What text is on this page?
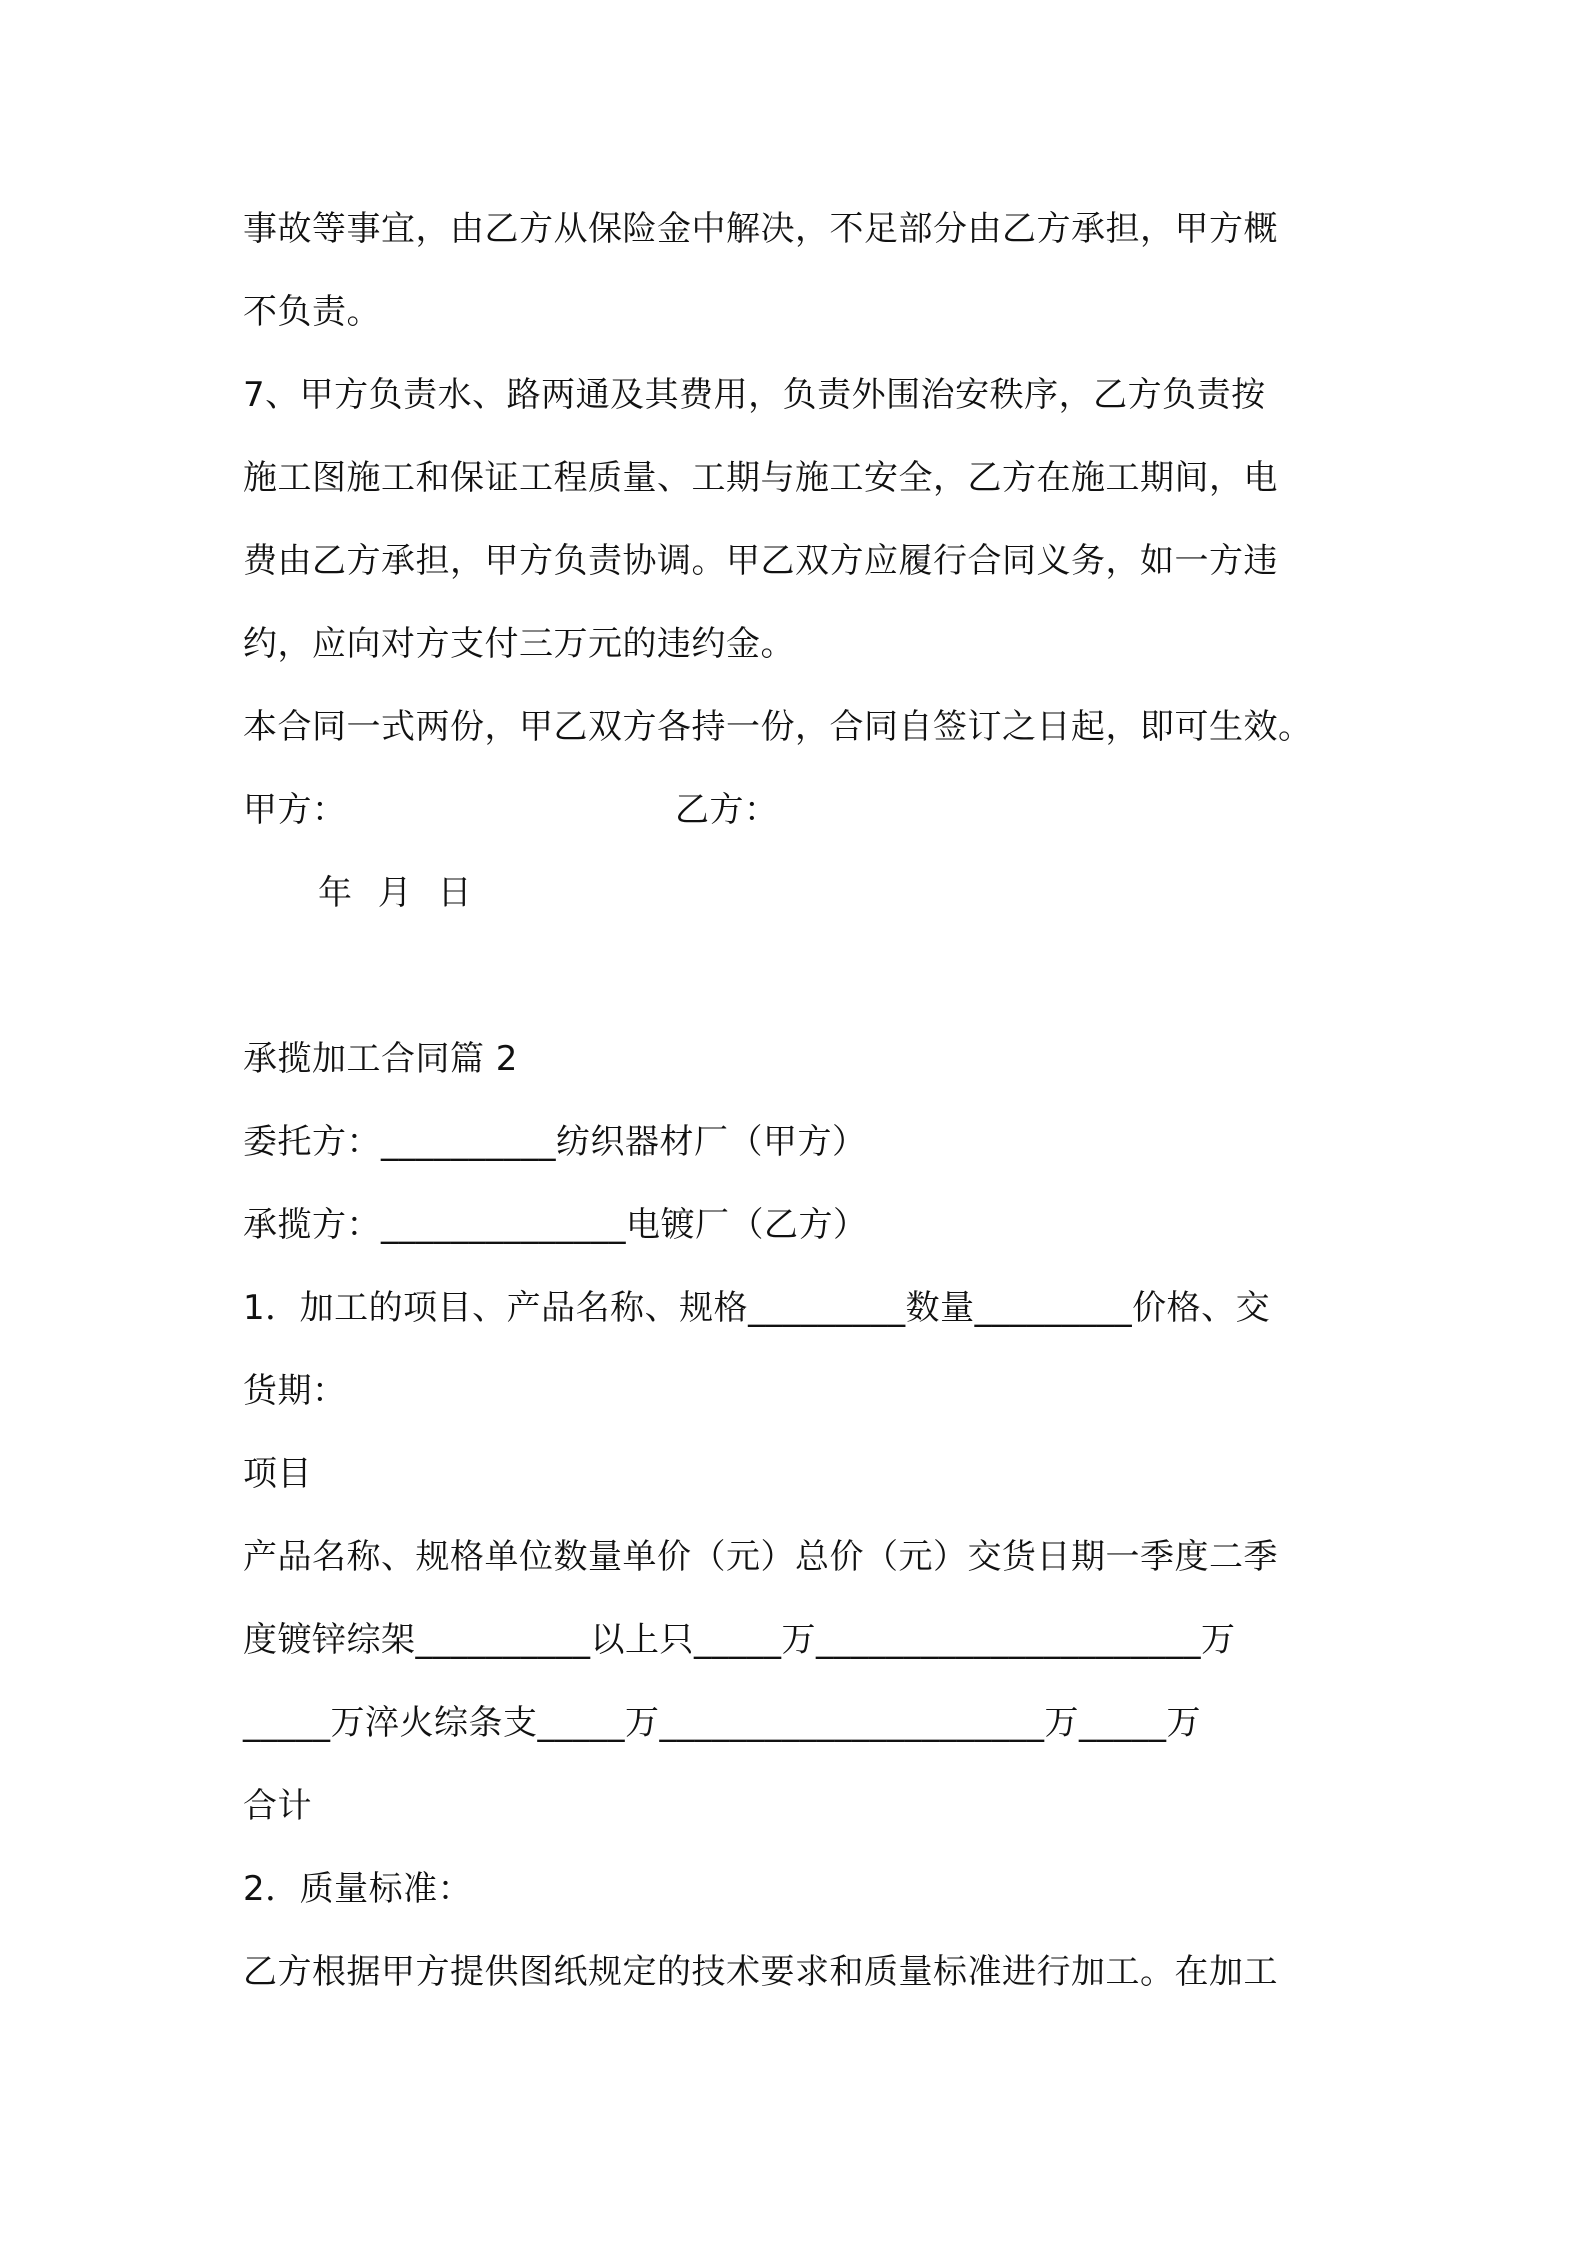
事故等事宜，由乙方从保险金中解决，不足部分由乙方承担，甲方概
不负责。
7、甲方负责水、路两通及其费用，负责外围治安秩序，乙方负责按
施工图施工和保证工程质量、工期与施工安全，乙方在施工期间，电
费由乙方承担，甲方负责协调。甲乙双方应履行合同义务，如一方违
约，应向对方支付三万元的违约金。
本合同一式两份，甲乙双方各持一份，合同自签订之日起，即可生效。
甲方：	乙方：
年 月 日
承揽加工合同篇 2
委托方：__________纺织器材厂（甲方）
承揽方：______________电镀厂（乙方）
1．加工的项目、产品名称、规格_________数量_________价格、交
货期：
项目
产品名称、规格单位数量单价（元）总价（元）交货日期一季度二季
度镀锌综架__________以上只_____万______________________万
_____万淬火综条支_____万______________________万_____万
合计
2．质量标准：
乙方根据甲方提供图纸规定的技术要求和质量标准进行加工。在加工
